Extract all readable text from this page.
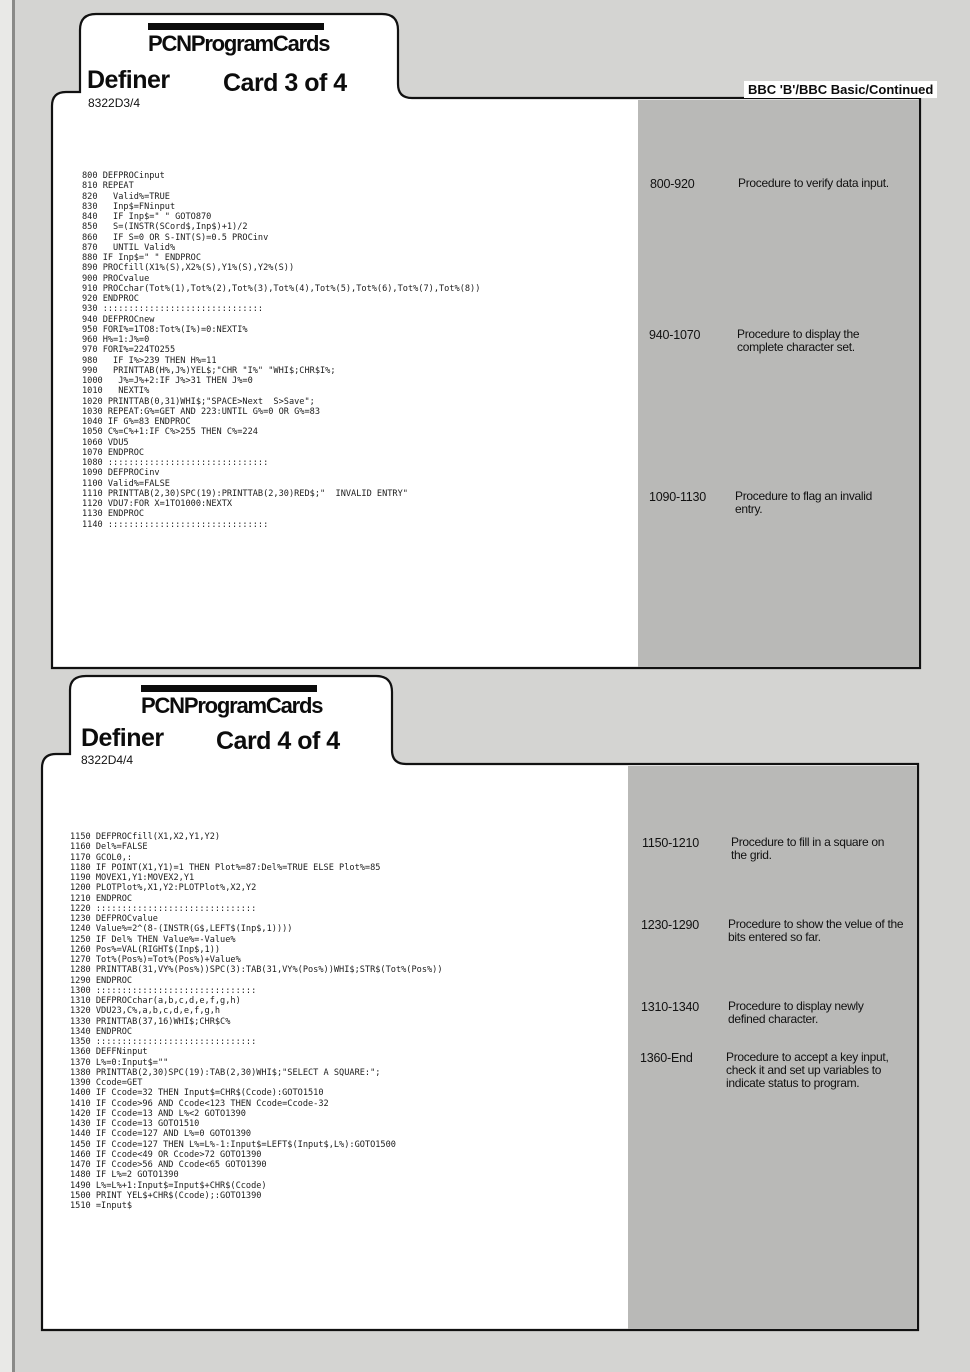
PCNProgramCards
Definer Card 3 of 4
8322D3/4
BBC 'B'/BBC Basic/Continued
800 DEFPROCinput
810 REPEAT
820   Valid%=TRUE
830   Inp$=FNinput
840   IF Inp$=" " GOTO870
850   S=(INSTR(SCord$,Inp$)+1)/2
860   IF S=0 OR S-INT(S)=0.5 PROCinv
870   UNTIL Valid%
880 IF Inp$=" " ENDPROC
890 PROCfill(X1%(S),X2%(S),Y1%(S),Y2%(S))
900 PROCvalue
910 PROCchar(Tot%(1),Tot%(2),Tot%(3),Tot%(4),Tot%(5),Tot%(6),Tot%(7),Tot%(8))
920 ENDPROC
930 :::::::::::::::::::::::::::::::
940 DEFPROCnew
950 FORI%=1TO8:Tot%(I%)=0:NEXTI%
960 H%=1:J%=0
970 FORI%=224TO255
980   IF I%>239 THEN H%=11
990   PRINTTAB(H%,J%)YEL$;"CHR "I%" "WHI$;CHR$I%;
1000   J%=J%+2:IF J%>31 THEN J%=0
1010   NEXTI%
1020 PRINTTAB(0,31)WHI$;"SPACE>Next  S>Save";
1030 REPEAT:G%=GET AND 223:UNTIL G%=0 OR G%=83
1040 IF G%=83 ENDPROC
1050 C%=C%+1:IF C%>255 THEN C%=224
1060 VDU5
1070 ENDPROC
1080 :::::::::::::::::::::::::::::::
1090 DEFPROCinv
1100 Valid%=FALSE
1110 PRINTTAB(2,30)SPC(19):PRINTTAB(2,30)RED$;"  INVALID ENTRY"
1120 VDU7:FOR X=1TO1000:NEXTX
1130 ENDPROC
1140 :::::::::::::::::::::::::::::::

800-920	Procedure to verify data input.
940-1070	Procedure to display the complete character set.
1090-1130 Procedure to flag an invalid entry.
PCNProgramCards
Definer Card 4 of 4
8322D4/4
1150 DEFPROCfill(X1,X2,Y1,Y2)
1160 Del%=FALSE
1170 GCOL0,:
1180 IF POINT(X1,Y1)=1 THEN Plot%=87:Del%=TRUE ELSE Plot%=85
1190 MOVEX1,Y1:MOVEX2,Y1
1200 PLOTPlot%,X1,Y2:PLOTPlot%,X2,Y2
1210 ENDPROC
1220 :::::::::::::::::::::::::::::::
1230 DEFPROCvalue
1240 Value%=2^(8-(INSTR(G$,LEFT$(Inp$,1))))
1250 IF Del% THEN Value%=-Value%
1260 Pos%=VAL(RIGHT$(Inp$,1))
1270 Tot%(Pos%)=Tot%(Pos%)+Value%
1280 PRINTTAB(31,VY%(Pos%))SPC(3):TAB(31,VY%(Pos%))WHI$;STR$(Tot%(Pos%))
1290 ENDPROC
1300 :::::::::::::::::::::::::::::::
1310 DEFPROCchar(a,b,c,d,e,f,g,h)
1320 VDU23,C%,a,b,c,d,e,f,g,h
1330 PRINTTAB(37,16)WHI$;CHR$C%
1340 ENDPROC
1350 :::::::::::::::::::::::::::::::
1360 DEFFNinput
1370 L%=0:Input$=""
1380 PRINTTAB(2,30)SPC(19):TAB(2,30)WHI$;"SELECT A SQUARE:";
1390 Ccode=GET
1400 IF Ccode=32 THEN Input$=CHR$(Ccode):GOTO1510
1410 IF Ccode>96 AND Ccode<123 THEN Ccode=Ccode-32
1420 IF Ccode=13 AND L%<2 GOTO1390
1430 IF Ccode=13 GOTO1510
1440 IF Ccode=127 AND L%=0 GOTO1390
1450 IF Ccode=127 THEN L%=L%-1:Input$=LEFT$(Input$,L%):GOTO1500
1460 IF Ccode<49 OR Ccode>72 GOTO1390
1470 IF Ccode>56 AND Ccode<65 GOTO1390
1480 IF L%=2 GOTO1390
1490 L%=L%+1:Input$=Input$+CHR$(Ccode)
1500 PRINT YEL$+CHR$(Ccode);:GOTO1390
1510 =Input$

1150-1210	Procedure to fill in a square on the grid.
1230-1290 Procedure to show the velue of the bits entered so far.
1310-1340 Procedure to display newly defined character.
1360-End	Procedure to accept a key input, check it and set up variables to indicate status to program.
